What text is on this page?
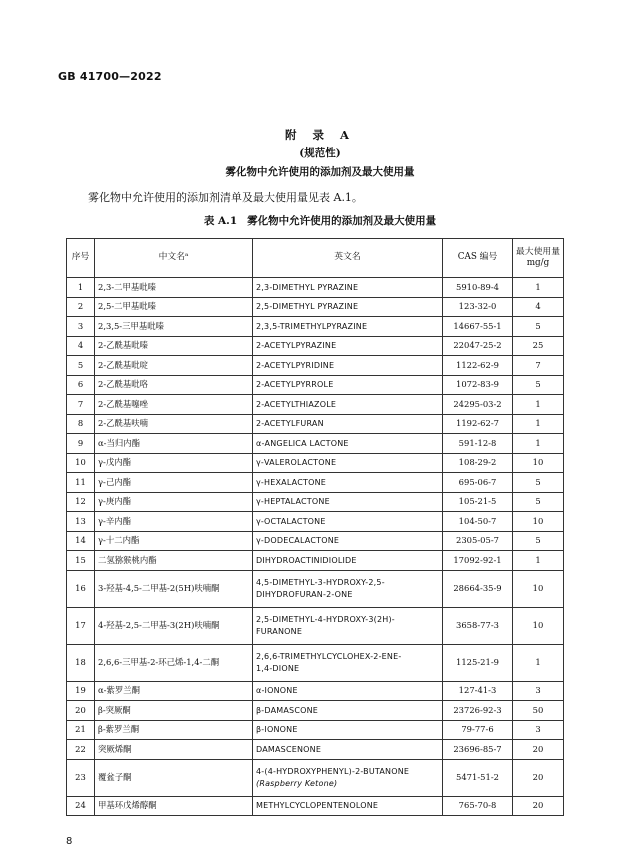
GB 41700—2022
附 录 A
(规范性)
雾化物中允许使用的添加剂及最大使用量
雾化物中允许使用的添加剂清单及最大使用量见表 A.1。
表 A.1 雾化物中允许使用的添加剂及最大使用量
序号	中文名ᵃ	英文名	CAS 编号	最大使用量
mg/g

1	2,3-二甲基吡嗪	2,3-DIMETHYL PYRAZINE	5910-89-4	1
2	2,5-二甲基吡嗪	2,5-DIMETHYL PYRAZINE	123-32-0	4
3	2,3,5-三甲基吡嗪	2,3,5-TRIMETHYLPYRAZINE	14667-55-1	5
4	2-乙酰基吡嗪	2-ACETYLPYRAZINE	22047-25-2	25
5	2-乙酰基吡啶	2-ACETYLPYRIDINE	1122-62-9	7
6	2-乙酰基吡咯	2-ACETYLPYRROLE	1072-83-9	5
7	2-乙酰基噻唑	2-ACETYLTHIAZOLE	24295-03-2	1
8	2-乙酰基呋喃	2-ACETYLFURAN	1192-62-7	1
9	α-当归内酯	α-ANGELICA LACTONE	591-12-8	1
10	γ-戊内酯	γ-VALEROLACTONE	108-29-2	10
11	γ-己内酯	γ-HEXALACTONE	695-06-7	5
12	γ-庚内酯	γ-HEPTALACTONE	105-21-5	5
13	γ-辛内酯	γ-OCTALACTONE	104-50-7	10
14	γ-十二内酯	γ-DODECALACTONE	2305-05-7	5
15	二氢猕猴桃内酯	DIHYDROACTINIDIOLIDE	17092-92-1	1
16	3-羟基-4,5-二甲基-2(5H)呋喃酮	4,5-DIMETHYL-3-HYDROXY-2,5-
DIHYDROFURAN-2-ONE	28664-35-9	10
17	4-羟基-2,5-二甲基-3(2H)呋喃酮	2,5-DIMETHYL-4-HYDROXY-3(2H)-
FURANONE	3658-77-3	10
18	2,6,6-三甲基-2-环己烯-1,4-二酮	2,6,6-TRIMETHYLCYCLOHEX-2-ENE-
1,4-DIONE	1125-21-9	1
19	α-紫罗兰酮	α-IONONE	127-41-3	3
20	β-突厥酮	β-DAMASCONE	23726-92-3	50
21	β-紫罗兰酮	β-IONONE	79-77-6	3
22	突厥烯酮	DAMASCENONE	23696-85-7	20
23	覆盆子酮	4-(4-HYDROXYPHENYL)-2-BUTANONE
(Raspberry Ketone)	5471-51-2	20
24	甲基环戊烯醇酮	METHYLCYCLOPENTENOLONE	765-70-8	20
8
